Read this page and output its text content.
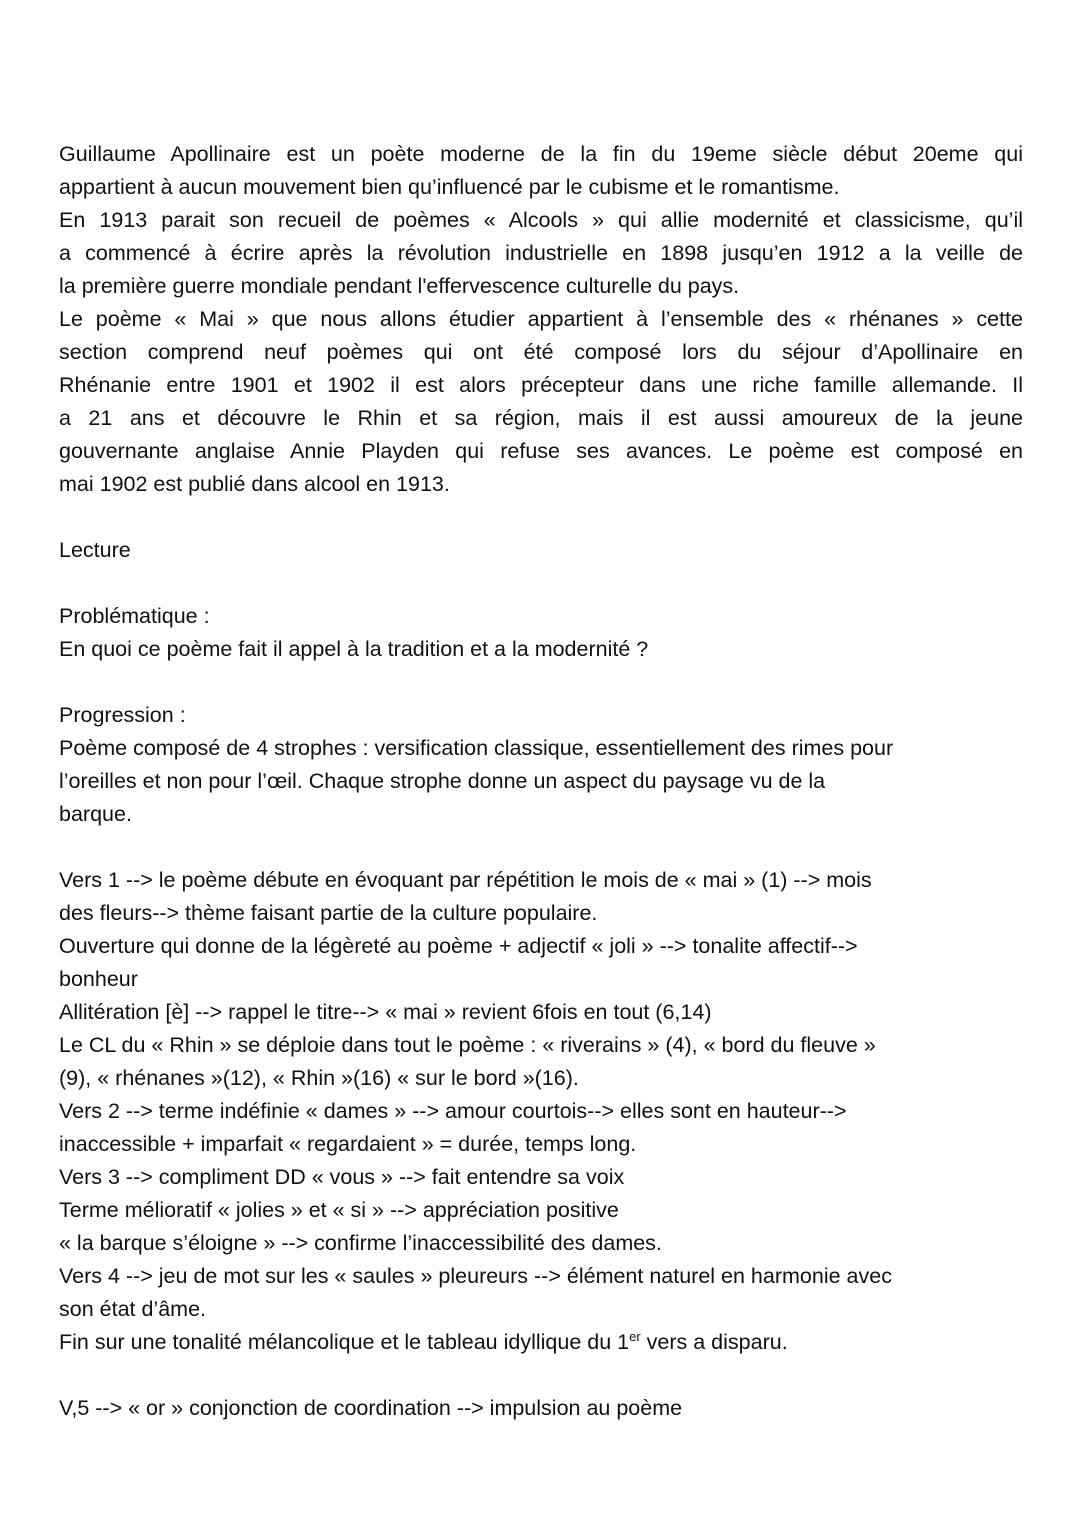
Guillaume Apollinaire est un poète moderne de la fin du 19eme siècle début 20eme qui
appartient à aucun mouvement bien qu’influencé par le cubisme et le romantisme.
En 1913 parait son recueil de poèmes « Alcools » qui allie modernité et classicisme, qu’il
a commencé à écrire après la révolution industrielle en 1898 jusqu’en 1912 a la veille de
la première guerre mondiale pendant l'effervescence culturelle du pays.
Le poème « Mai » que nous allons étudier appartient à l’ensemble des « rhénanes » cette
section comprend neuf poèmes qui ont été composé lors du séjour d’Apollinaire en
Rhénanie entre 1901 et 1902 il est alors précepteur dans une riche famille allemande. Il
a 21 ans et découvre le Rhin et sa région, mais il est aussi amoureux de la jeune
gouvernante anglaise Annie Playden qui refuse ses avances. Le poème est composé en
mai 1902 est publié dans alcool en 1913.
Lecture
Problématique :
En quoi ce poème fait il appel à la tradition et a la modernité ?
Progression :
Poème composé de 4 strophes : versification classique, essentiellement des rimes pour
l’oreilles et non pour l’œil. Chaque strophe donne un aspect du paysage vu de la
barque.
Vers 1 --> le poème débute en évoquant par répétition le mois de « mai » (1) --> mois
des fleurs--> thème faisant partie de la culture populaire.
Ouverture qui donne de la légèreté au poème + adjectif « joli » --> tonalite affectif-->
bonheur
Allitération [è] --> rappel le titre--> « mai » revient 6fois en tout (6,14)
Le CL du « Rhin » se déploie dans tout le poème : « riverains » (4), « bord du fleuve »
(9), « rhénanes »(12), « Rhin »(16) « sur le bord »(16).
Vers 2 --> terme indéfinie « dames » --> amour courtois--> elles sont en hauteur-->
inaccessible + imparfait « regardaient » = durée, temps long.
Vers 3 --> compliment DD « vous » --> fait entendre sa voix
Terme mélioratif « jolies » et « si » --> appréciation positive
« la barque s’éloigne » --> confirme l’inaccessibilité des dames.
Vers 4 --> jeu de mot sur les « saules » pleureurs --> élément naturel en harmonie avec
son état d’âme.
Fin sur une tonalité mélancolique et le tableau idyllique du 1er vers a disparu.
V,5 --> « or » conjonction de coordination --> impulsion au poème
